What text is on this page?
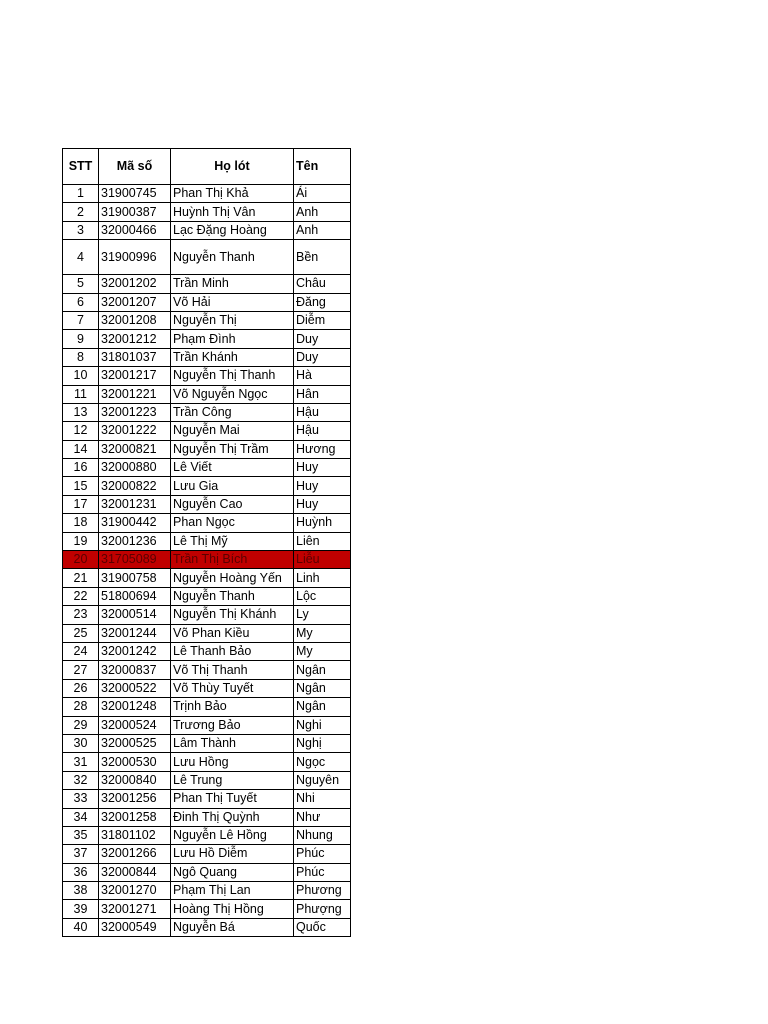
STT	Mã số	Họ lót	Tên
1	31900745	Phan Thị Khả	Ái
2	31900387	Huỳnh Thị Vân	Anh
3	32000466	Lạc Đặng Hoàng	Anh
4	31900996	Nguyễn Thanh	Bền
5	32001202	Trần Minh	Châu
6	32001207	Võ Hải	Đăng
7	32001208	Nguyễn Thị	Diễm
9	32001212	Phạm Đình	Duy
8	31801037	Trần Khánh	Duy
10	32001217	Nguyễn Thị Thanh	Hà
11	32001221	Võ Nguyễn Ngọc	Hân
13	32001223	Trần Công	Hậu
12	32001222	Nguyễn Mai	Hậu
14	32000821	Nguyễn Thị Trầm	Hương
16	32000880	Lê Viết	Huy
15	32000822	Lưu Gia	Huy
17	32001231	Nguyễn Cao	Huy
18	31900442	Phan Ngọc	Huỳnh
19	32001236	Lê Thị Mỹ	Liên
20	31705089	Trần Thị Bích	Liễu
21	31900758	Nguyễn Hoàng Yến	Linh
22	51800694	Nguyễn Thanh	Lộc
23	32000514	Nguyễn Thị Khánh	Ly
25	32001244	Võ Phan Kiều	My
24	32001242	Lê Thanh Bảo	My
27	32000837	Võ Thị Thanh	Ngân
26	32000522	Võ Thùy Tuyết	Ngân
28	32001248	Trịnh Bảo	Ngân
29	32000524	Trương Bảo	Nghi
30	32000525	Lâm Thành	Nghị
31	32000530	Lưu Hồng	Ngọc
32	32000840	Lê Trung	Nguyên
33	32001256	Phan Thị Tuyết	Nhi
34	32001258	Đinh Thị Quỳnh	Như
35	31801102	Nguyễn Lê Hồng	Nhung
37	32001266	Lưu Hồ Diễm	Phúc
36	32000844	Ngô Quang	Phúc
38	32001270	Phạm Thị Lan	Phương
39	32001271	Hoàng Thị Hồng	Phượng
40	32000549	Nguyễn Bá	Quốc
